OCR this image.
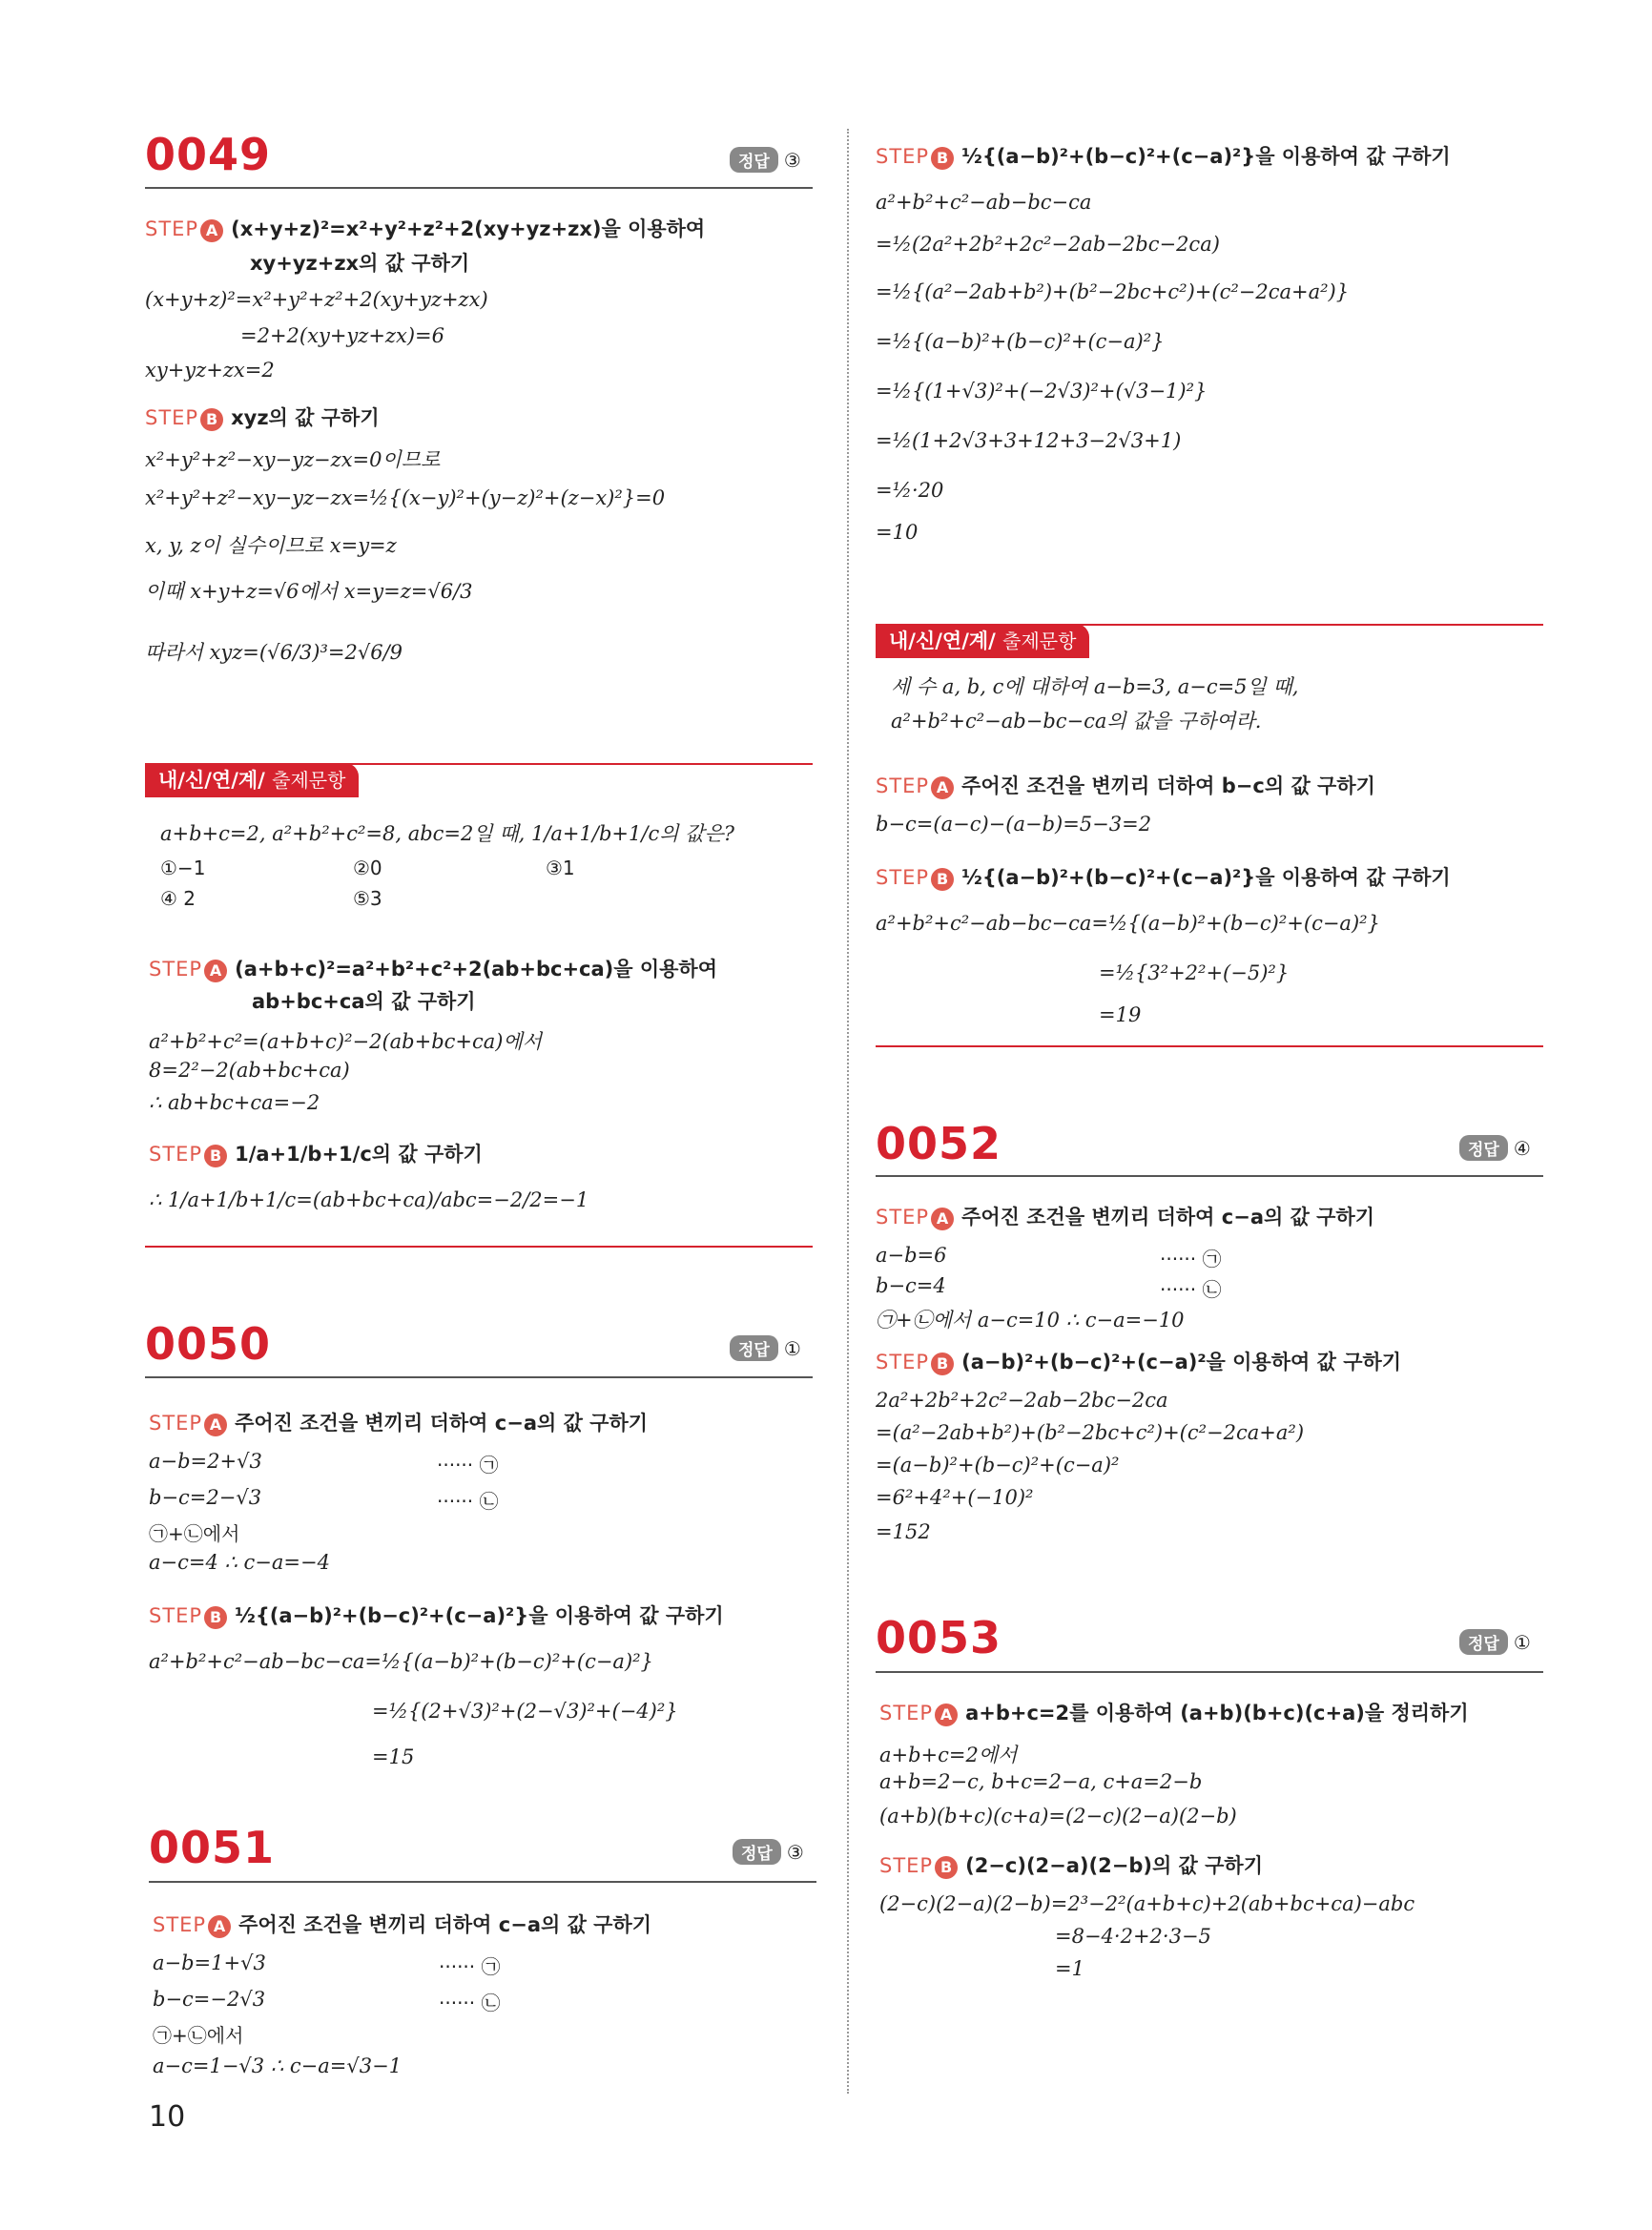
0049	정답 ③
STEP A (x+y+z)²=x²+y²+z²+2(xy+yz+zx)을 이용하여
xy+yz+zx의 값 구하기
(x+y+z)²=x²+y²+z²+2(xy+yz+zx)
=2+2(xy+yz+zx)=6
xy+yz+zx=2
STEP B xyz의 값 구하기
x²+y²+z²−xy−yz−zx=0이므로
x²+y²+z²−xy−yz−zx=½{(x−y)²+(y−z)²+(z−x)²}=0
x, y, z이 실수이므로 x=y=z
이때 x+y+z=√6에서 x=y=z=√6/3
따라서 xyz=(√6/3)³=2√6/9
내/신/연/계/ 출제문항
a+b+c=2, a²+b²+c²=8, abc=2일 때, 1/a+1/b+1/c의 값은?
①−1	②0	③1
④ 2	⑤3
STEP A (a+b+c)²=a²+b²+c²+2(ab+bc+ca)을 이용하여
ab+bc+ca의 값 구하기
a²+b²+c²=(a+b+c)²−2(ab+bc+ca)에서
8=2²−2(ab+bc+ca)
∴ ab+bc+ca=−2
STEP B 1/a+1/b+1/c의 값 구하기
∴ 1/a+1/b+1/c=(ab+bc+ca)/abc=−2/2=−1
0050	정답 ①
STEP A 주어진 조건을 변끼리 더하여 c−a의 값 구하기
a−b=2+√3	······ ㉠
b−c=2−√3	······ ㉡
㉠+㉡에서
a−c=4 ∴ c−a=−4
STEP B ½{(a−b)²+(b−c)²+(c−a)²}을 이용하여 값 구하기
a²+b²+c²−ab−bc−ca=½{(a−b)²+(b−c)²+(c−a)²}
=½{(2+√3)²+(2−√3)²+(−4)²}
=15
0051	정답 ③
STEP A 주어진 조건을 변끼리 더하여 c−a의 값 구하기
a−b=1+√3	······ ㉠
b−c=−2√3	······ ㉡
㉠+㉡에서
a−c=1−√3 ∴ c−a=√3−1
10
STEP B ½{(a−b)²+(b−c)²+(c−a)²}을 이용하여 값 구하기
a²+b²+c²−ab−bc−ca
=½(2a²+2b²+2c²−2ab−2bc−2ca)
=½{(a²−2ab+b²)+(b²−2bc+c²)+(c²−2ca+a²)}
=½{(a−b)²+(b−c)²+(c−a)²}
=½{(1+√3)²+(−2√3)²+(√3−1)²}
=½(1+2√3+3+12+3−2√3+1)
=½·20
=10
내/신/연/계/ 출제문항
세 수 a, b, c에 대하여 a−b=3, a−c=5일 때,
a²+b²+c²−ab−bc−ca의 값을 구하여라.
STEP A 주어진 조건을 변끼리 더하여 b−c의 값 구하기
b−c=(a−c)−(a−b)=5−3=2
STEP B ½{(a−b)²+(b−c)²+(c−a)²}을 이용하여 값 구하기
a²+b²+c²−ab−bc−ca=½{(a−b)²+(b−c)²+(c−a)²}
=½{3²+2²+(−5)²}
=19
0052	정답 ④
STEP A 주어진 조건을 변끼리 더하여 c−a의 값 구하기
a−b=6	······ ㉠
b−c=4	······ ㉡
㉠+㉡에서 a−c=10 ∴ c−a=−10
STEP B (a−b)²+(b−c)²+(c−a)²을 이용하여 값 구하기
2a²+2b²+2c²−2ab−2bc−2ca
=(a²−2ab+b²)+(b²−2bc+c²)+(c²−2ca+a²)
=(a−b)²+(b−c)²+(c−a)²
=6²+4²+(−10)²
=152
0053	정답 ①
STEP A a+b+c=2를 이용하여 (a+b)(b+c)(c+a)을 정리하기
a+b+c=2에서
a+b=2−c, b+c=2−a, c+a=2−b
(a+b)(b+c)(c+a)=(2−c)(2−a)(2−b)
STEP B (2−c)(2−a)(2−b)의 값 구하기
(2−c)(2−a)(2−b)=2³−2²(a+b+c)+2(ab+bc+ca)−abc
=8−4·2+2·3−5
=1
